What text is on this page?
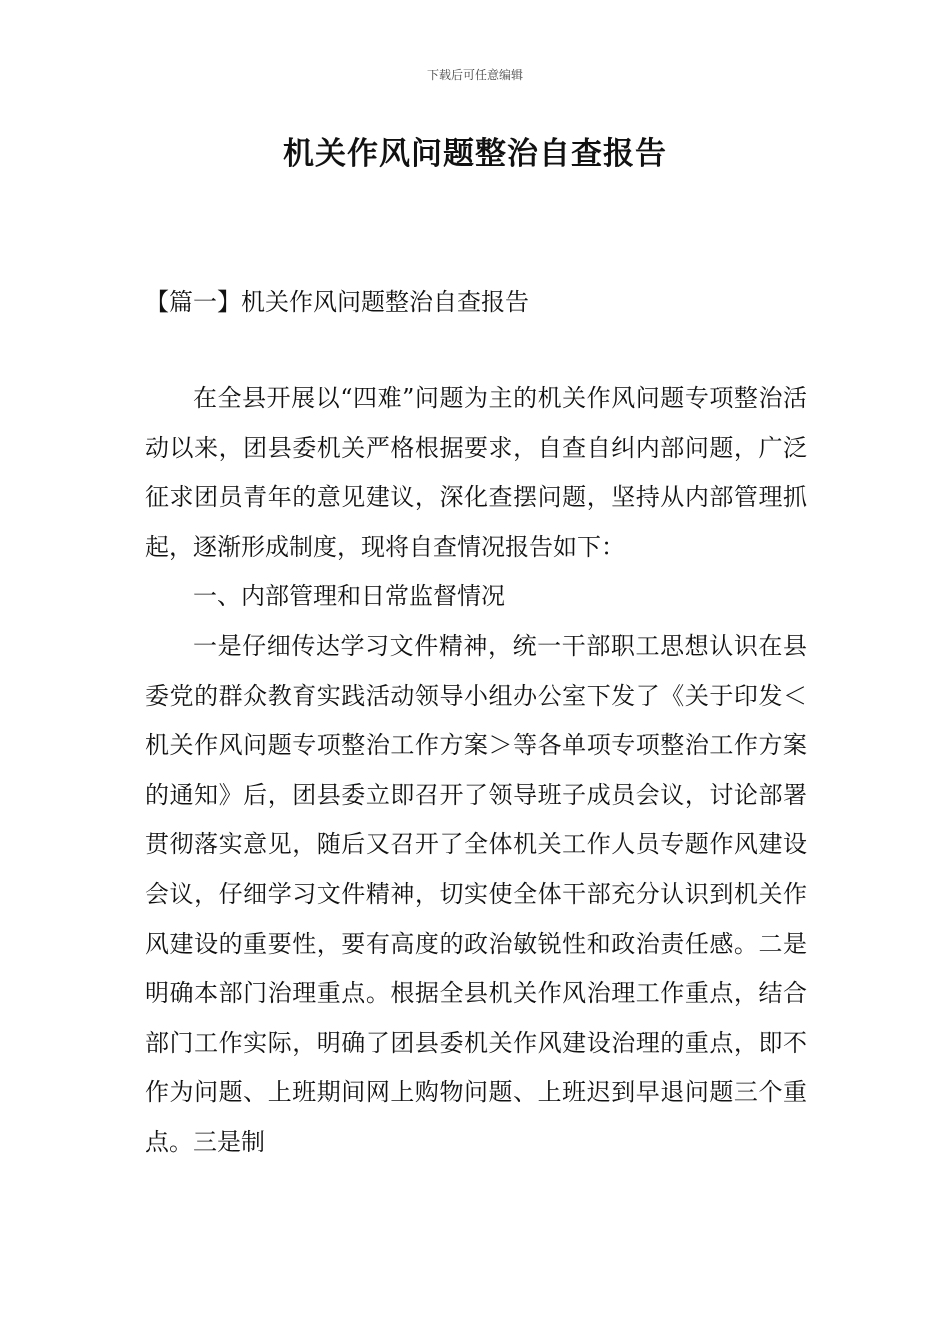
下载后可任意编辑
机关作风问题整治自查报告
【篇一】机关作风问题整治自查报告

在全县开展以“四难”问题为主的机关作风问题专项整治活动以来，团县委机关严格根据要求，自查自纠内部问题，广泛征求团员青年的意见建议，深化查摆问题，坚持从内部管理抓起，逐渐形成制度，现将自查情况报告如下：

一、内部管理和日常监督情况

一是仔细传达学习文件精神，统一干部职工思想认识在县委党的群众教育实践活动领导小组办公室下发了《关于印发＜机关作风问题专项整治工作方案＞等各单项专项整治工作方案的通知》后，团县委立即召开了领导班子成员会议，讨论部署贯彻落实意见，随后又召开了全体机关工作人员专题作风建设会议，仔细学习文件精神，切实使全体干部充分认识到机关作风建设的重要性，要有高度的政治敏锐性和政治责任感。二是明确本部门治理重点。根据全县机关作风治理工作重点，结合部门工作实际，明确了团县委机关作风建设治理的重点，即不作为问题、上班期间网上购物问题、上班迟到早退问题三个重点。三是制
